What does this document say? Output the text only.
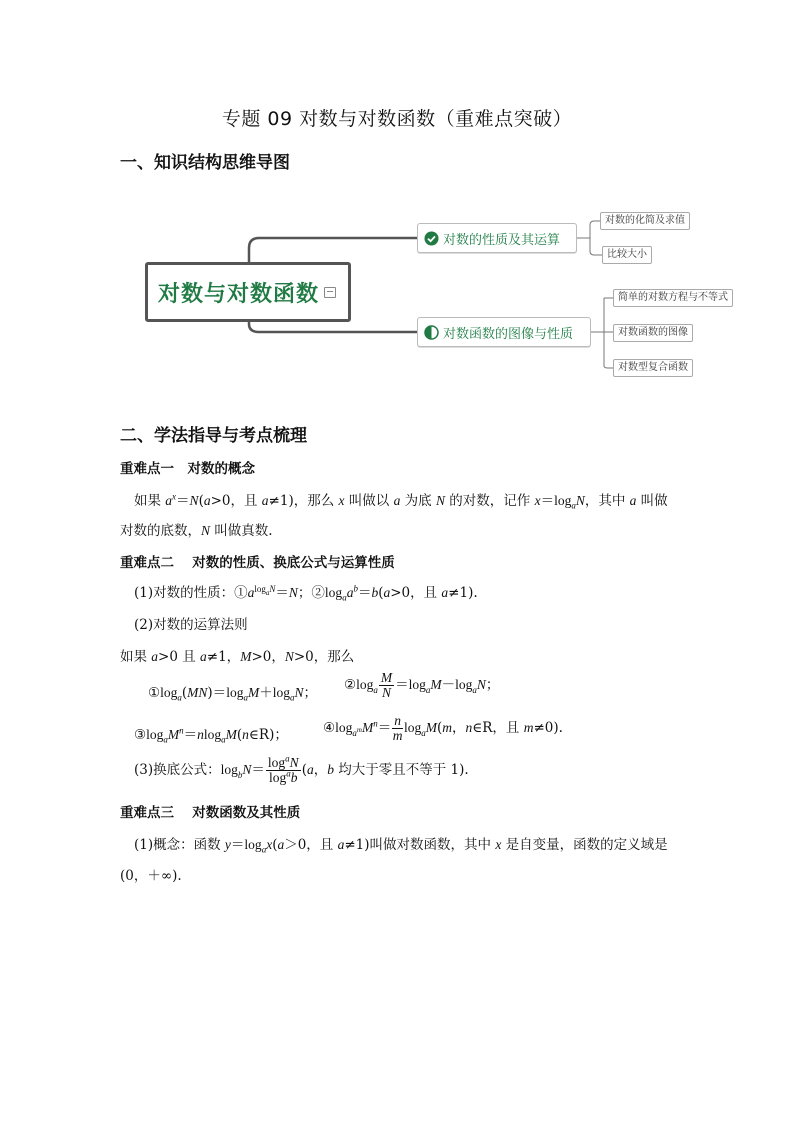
专题 09 对数与对数函数（重难点突破）
一、知识结构思维导图
对数与对数函数
对数的性质及其运算
对数函数的图像与性质
对数的化简及求值
比较大小
简单的对数方程与不等式
对数函数的图像
对数型复合函数
二、学法指导与考点梳理
重难点一　对数的概念
如果 $a^x=N(a>0$，且 a≠1)，那么 x 叫做以 a 为底 N 的对数，记作 $x=\log_aN$，其中 a 叫做
对数的底数，N 叫做真数.
重难点二　 对数的性质、换底公式与运算性质
(1)对数的性质：$①a^{log_aN}=N$；$②\log_aa^b=b(a>0$，且 a≠1).
(2)对数的运算法则
如果 a>0 且 a≠1，M>0，N>0，那么
$①\log_a(MN)=\log_aM+\log_aN$； $②\log_a \frac{M}{N} =\log_aM-\log_aN$；
$③\log_aM^n=nlog_aM(n\in R)$；	$④\log_{a^m}M^n= \frac{n}{m} \log_aM(m$，n∈R，且 m≠0).
(3)换底公式：$\log_bN= \frac{\log^aN}{\log^ab} (a$，b 均大于零且不等于 1).
重难点三　 对数函数及其性质
(1)概念：函数 $y=\log_ax(a>0$，且 a≠1)叫做对数函数，其中 x 是自变量，函数的定义域是
(0，＋∞).
